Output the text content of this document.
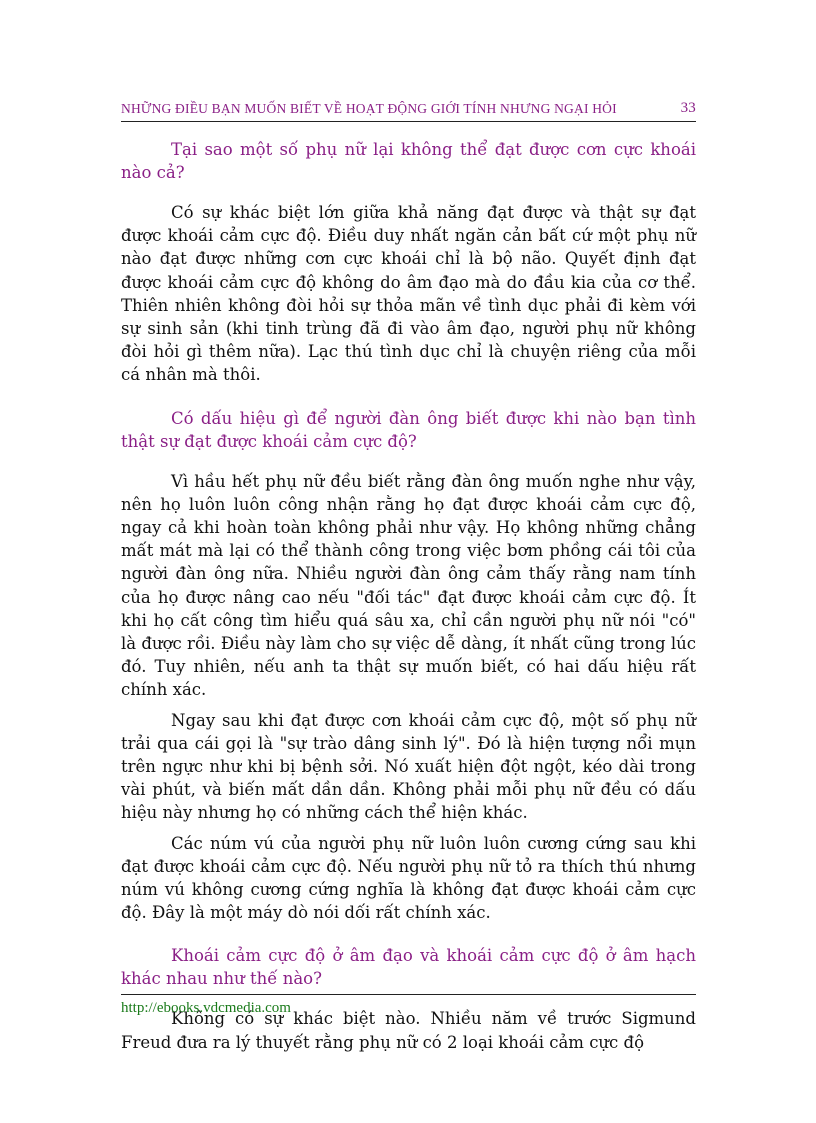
NHỮNG ĐIỀU BẠN MUỐN BIẾT VỀ HOẠT ĐỘNG GIỚI TÍNH NHƯNG NGẠI HỎI	33

Tại sao một số phụ nữ lại không thể đạt được cơn cực khoái nào cả?

Có sự khác biệt lớn giữa khả năng đạt được và thật sự đạt được khoái cảm cực độ. Điều duy nhất ngăn cản bất cứ một phụ nữ nào đạt được những cơn cực khoái chỉ là bộ não. Quyết định đạt được khoái cảm cực độ không do âm đạo mà do đầu kia của cơ thể. Thiên nhiên không đòi hỏi sự thỏa mãn về tình dục phải đi kèm với sự sinh sản (khi tinh trùng đã đi vào âm đạo, người phụ nữ không đòi hỏi gì thêm nữa). Lạc thú tình dục chỉ là chuyện riêng của mỗi cá nhân mà thôi.

Có dấu hiệu gì để người đàn ông biết được khi nào bạn tình thật sự đạt được khoái cảm cực độ?

Vì hầu hết phụ nữ đều biết rằng đàn ông muốn nghe như vậy, nên họ luôn luôn công nhận rằng họ đạt được khoái cảm cực độ, ngay cả khi hoàn toàn không phải như vậy. Họ không những chẳng mất mát mà lại có thể thành công trong việc bơm phồng cái tôi của người đàn ông nữa. Nhiều người đàn ông cảm thấy rằng nam tính của họ được nâng cao nếu "đối tác" đạt được khoái cảm cực độ. Ít khi họ cất công tìm hiểu quá sâu xa, chỉ cần người phụ nữ nói "có" là được rồi. Điều này làm cho sự việc dễ dàng, ít nhất cũng trong lúc đó. Tuy nhiên, nếu anh ta thật sự muốn biết, có hai dấu hiệu rất chính xác.

Ngay sau khi đạt được cơn khoái cảm cực độ, một số phụ nữ trải qua cái gọi là "sự trào dâng sinh lý". Đó là hiện tượng nổi mụn trên ngực như khi bị bệnh sởi. Nó xuất hiện đột ngột, kéo dài trong vài phút, và biến mất dần dần. Không phải mỗi phụ nữ đều có dấu hiệu này nhưng họ có những cách thể hiện khác.

Các núm vú của người phụ nữ luôn luôn cương cứng sau khi đạt được khoái cảm cực độ. Nếu người phụ nữ tỏ ra thích thú nhưng núm vú không cương cứng nghĩa là không đạt được khoái cảm cực độ. Đây là một máy dò nói dối rất chính xác.

Khoái cảm cực độ ở âm đạo và khoái cảm cực độ ở âm hạch khác nhau như thế nào?

Không có sự khác biệt nào. Nhiều năm về trước Sigmund Freud đưa ra lý thuyết rằng phụ nữ có 2 loại khoái cảm cực độ

http://ebooks.vdcmedia.com
